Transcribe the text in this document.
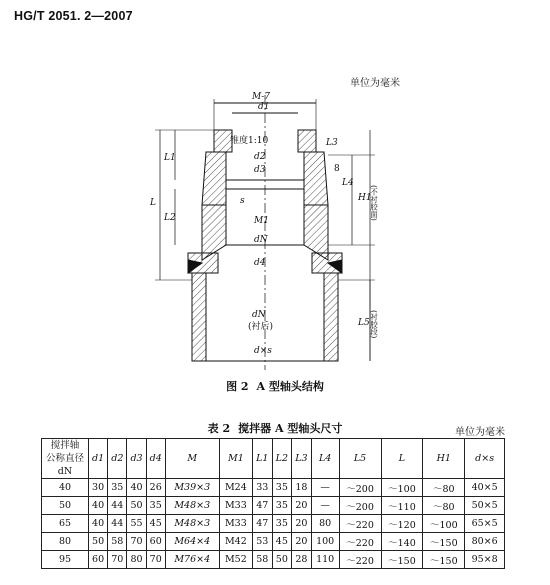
HG/T 2051. 2—2007
单位为毫米
M-7
d1
锥度1:10
d2
d3
s
M1
dN
d4
dN
(衬后)
d×s
L1
L
L2
L3
8
L4
H1
L5
(不衬胶面)
(衬胶段)
图 2 A 型轴头结构
表 2 搅拌器 A 型轴头尺寸	单位为毫米
搅拌轴
公称直径 dN	d1	d2	d3	d4	M	M1	L1	L2	L3	L4	L5	L	H1	d×s
40	30	35	40	26	M39×3	M24	33	35	18	—	～200	～100	～80	40×5
50	40	44	50	35	M48×3	M33	47	35	20	—	～200	～110	～80	50×5
65	40	44	55	45	M48×3	M33	47	35	20	80	～220	～120	～100	65×5
80	50	58	70	60	M64×4	M42	53	45	20	100	～220	～140	～150	80×6
95	60	70	80	70	M76×4	M52	58	50	28	110	～220	～150	～150	95×8
